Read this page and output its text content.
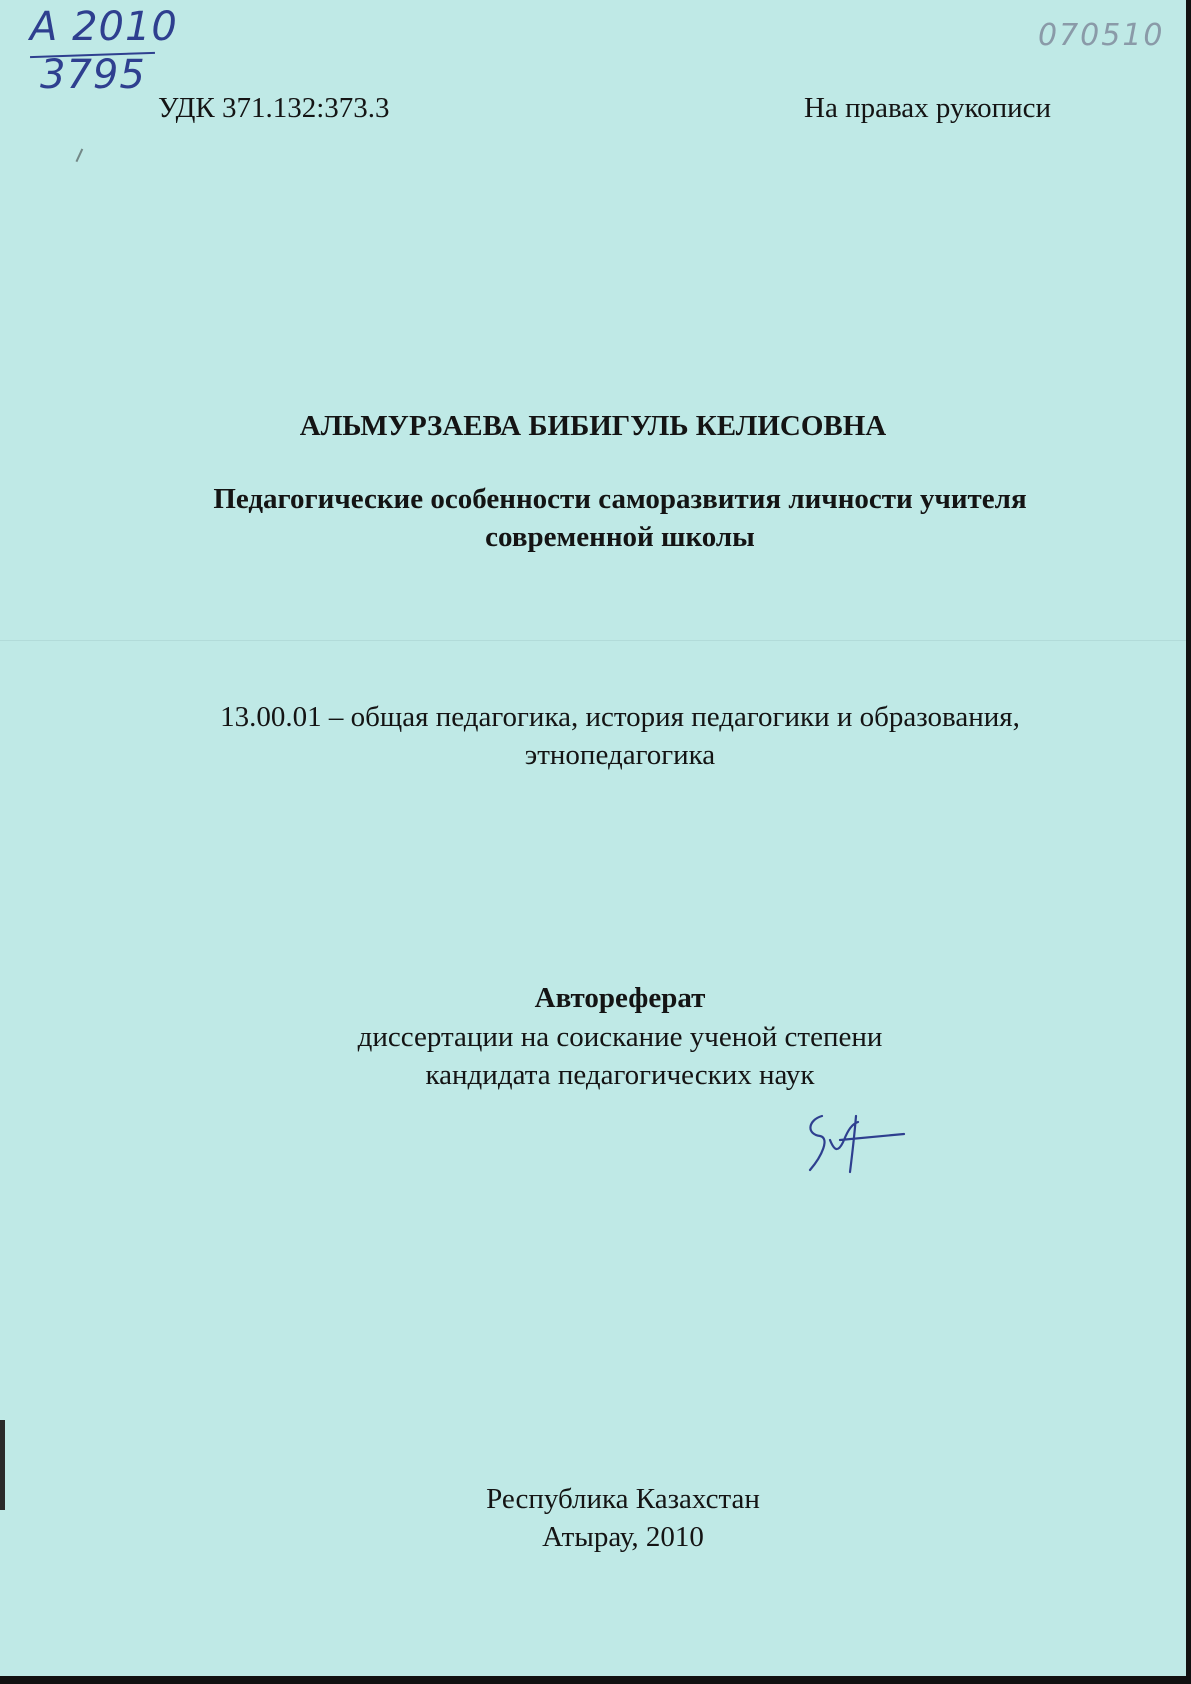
А 2010
3795
070510
УДК 371.132:373.3	На правах рукописи
АЛЬМУРЗАЕВА БИБИГУЛЬ КЕЛИСОВНА
Педагогические особенности саморазвития личности учителя
современной школы
13.00.01 – общая педагогика, история педагогики и образования,
этнопедагогика
Автореферат
диссертации на соискание ученой степени
кандидата педагогических наук
Республика Казахстан
Атырау, 2010
